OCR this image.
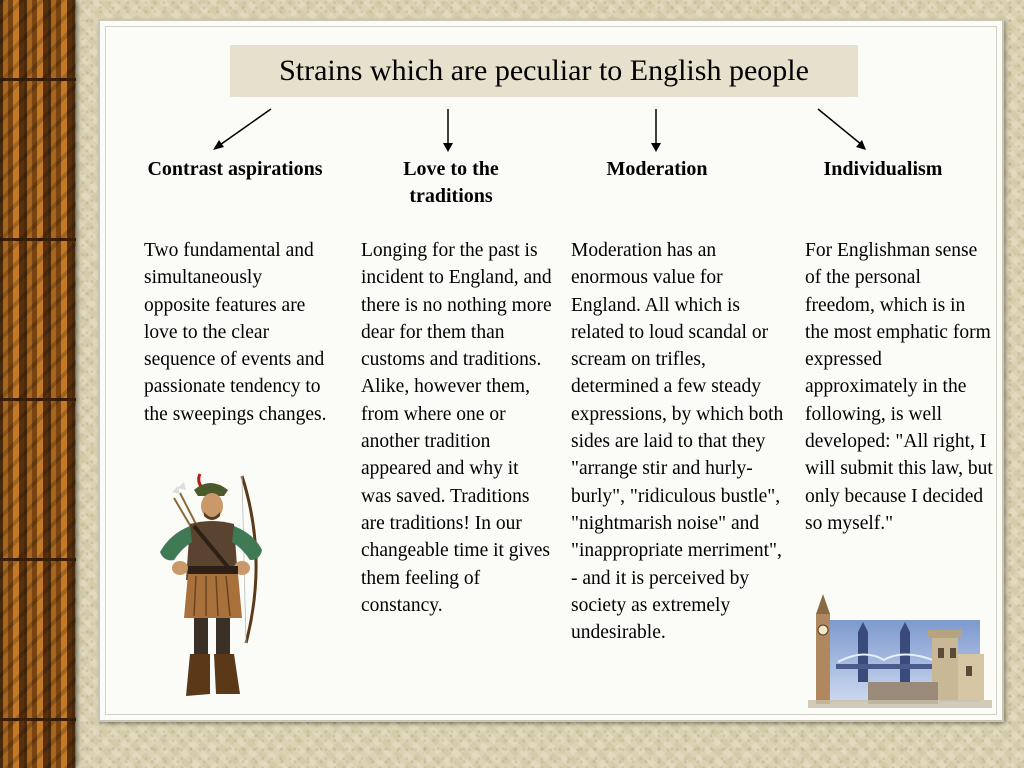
Strains which are peculiar to English people
Contrast aspirations	Love to the traditions
Moderation	Individualism
Two fundamental and simultaneously opposite features are love to the clear sequence of events and passionate tendency to the sweepings changes.
Longing for the past is incident to England, and there is no nothing more dear for them than customs and traditions. Alike, however them, from where one or another tradition appeared and why it was saved. Traditions are traditions! In our changeable time it gives them feeling of constancy.
Moderation has an enormous value for England. All which is related to loud scandal or scream on trifles, determined a few steady expressions, by which both sides are laid to that they "arrange stir and hurly-burly", "ridiculous bustle", "nightmarish noise" and "inappropriate merriment", - and it is perceived by society as extremely undesirable.
For Englishman sense of the personal freedom, which is in the most emphatic form expressed approximately in the following, is well developed: "All right, I will submit this law, but only because I decided so myself."
